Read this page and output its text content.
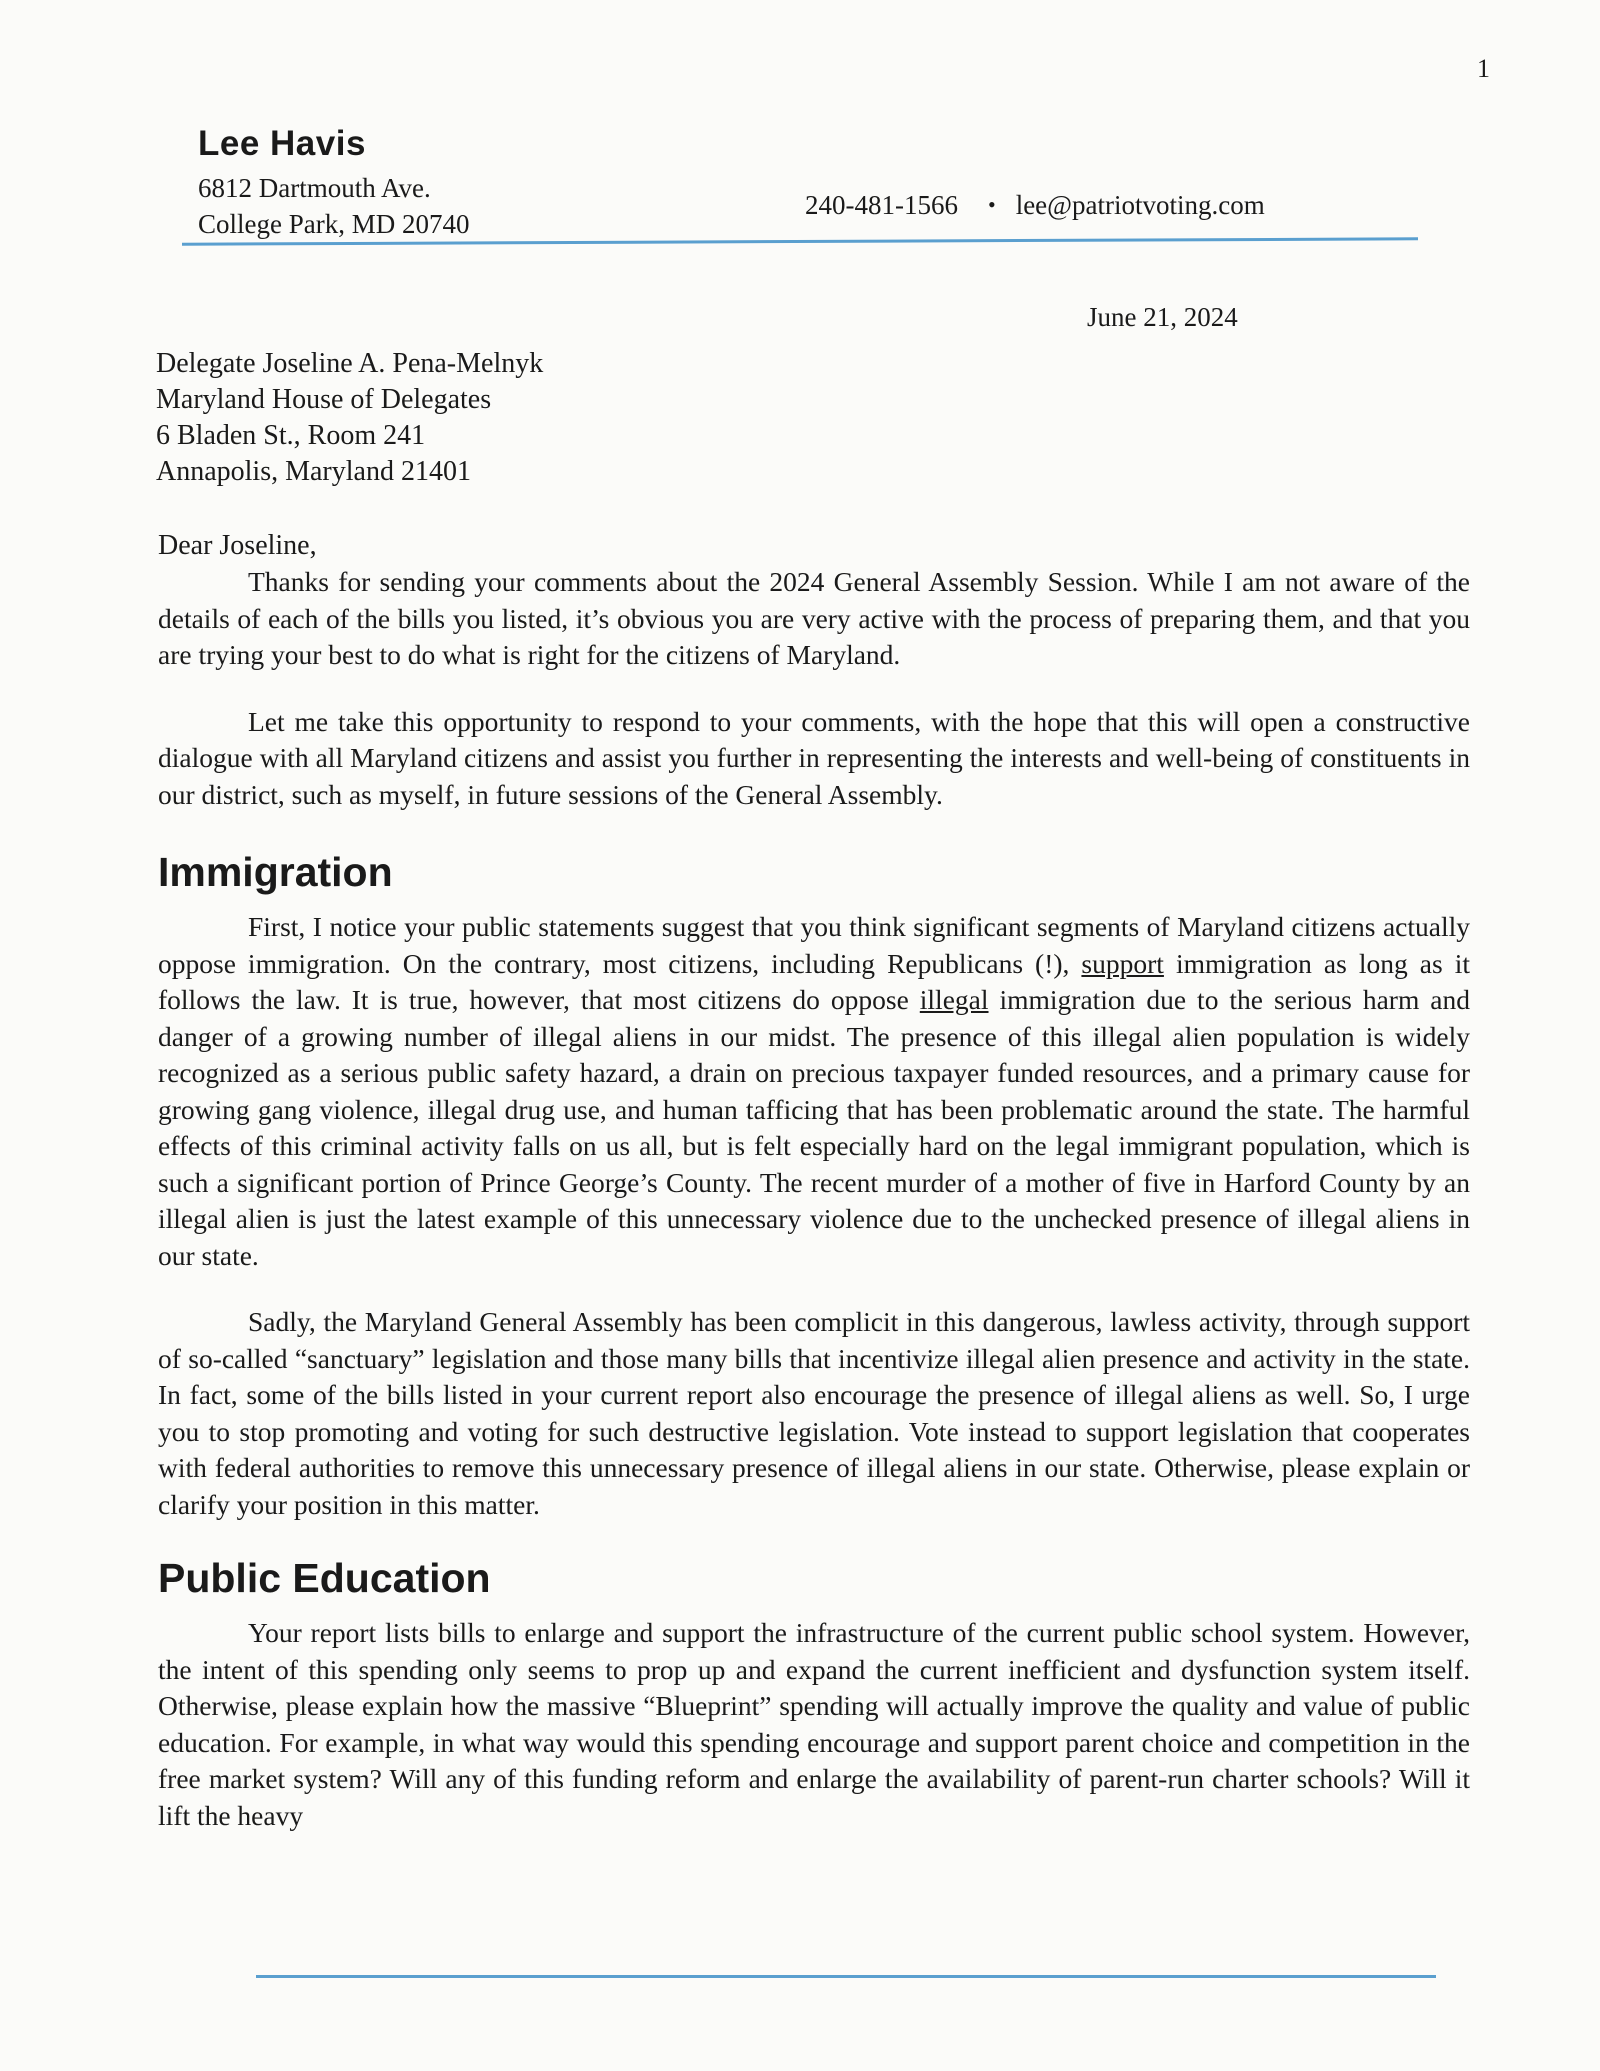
1
Lee Havis
6812 Dartmouth Ave.
College Park, MD 20740
240-481-1566 • lee@patriotvoting.com
June 21, 2024
Delegate Joseline A. Pena-Melnyk
Maryland House of Delegates
6 Bladen St., Room 241
Annapolis, Maryland 21401
Dear Joseline,

Thanks for sending your comments about the 2024 General Assembly Session. While I am not aware of the details of each of the bills you listed, it’s obvious you are very active with the process of preparing them, and that you are trying your best to do what is right for the citizens of Maryland.

Let me take this opportunity to respond to your comments, with the hope that this will open a constructive dialogue with all Maryland citizens and assist you further in representing the interests and well-being of constituents in our district, such as myself, in future sessions of the General Assembly.

Immigration

First, I notice your public statements suggest that you think significant segments of Maryland citizens actually oppose immigration. On the contrary, most citizens, including Republicans (!), support immigration as long as it follows the law. It is true, however, that most citizens do oppose illegal immigration due to the serious harm and danger of a growing number of illegal aliens in our midst. The presence of this illegal alien population is widely recognized as a serious public safety hazard, a drain on precious taxpayer funded resources, and a primary cause for growing gang violence, illegal drug use, and human tafficing that has been problematic around the state. The harmful effects of this criminal activity falls on us all, but is felt especially hard on the legal immigrant population, which is such a significant portion of Prince George’s County. The recent murder of a mother of five in Harford County by an illegal alien is just the latest example of this unnecessary violence due to the unchecked presence of illegal aliens in our state.

Sadly, the Maryland General Assembly has been complicit in this dangerous, lawless activity, through support of so-called “sanctuary” legislation and those many bills that incentivize illegal alien presence and activity in the state. In fact, some of the bills listed in your current report also encourage the presence of illegal aliens as well. So, I urge you to stop promoting and voting for such destructive legislation. Vote instead to support legislation that cooperates with federal authorities to remove this unnecessary presence of illegal aliens in our state. Otherwise, please explain or clarify your position in this matter.

Public Education

Your report lists bills to enlarge and support the infrastructure of the current public school system. However, the intent of this spending only seems to prop up and expand the current inefficient and dysfunction system itself. Otherwise, please explain how the massive “Blueprint” spending will actually improve the quality and value of public education. For example, in what way would this spending encourage and support parent choice and competition in the free market system? Will any of this funding reform and enlarge the availability of parent-run charter schools? Will it lift the heavy
